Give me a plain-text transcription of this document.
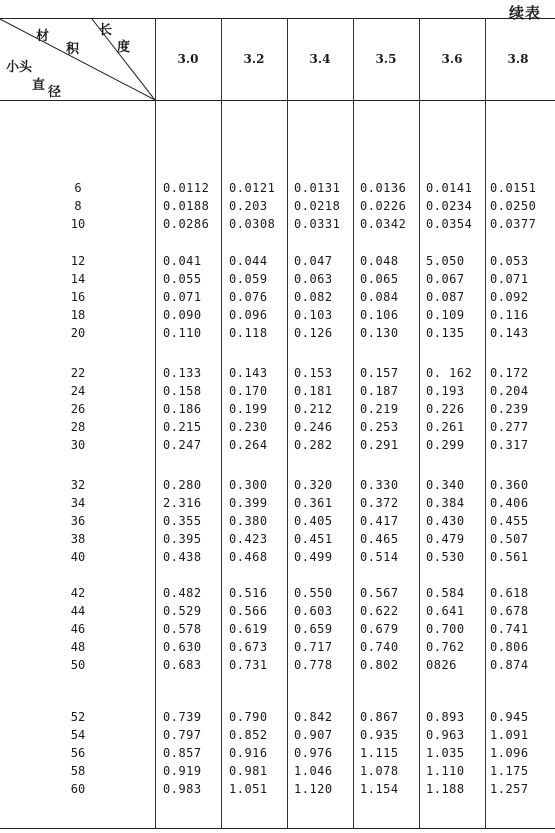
续表
长
度
材
积
小头
直 径
3.0	3.2	3.4	3.5	3.6	3.8
6	0.0112 0.0121 0.0131 0.0136 0.0141 0.0151
8	0.0188 0.203 0.0218 0.0226 0.0234 0.0250
10	0.0286 0.0308 0.0331 0.0342 0.0354 0.0377
12	0.041 0.044 0.047 0.048 5.050 0.053
14	0.055 0.059 0.063 0.065 0.067 0.071
16	0.071 0.076 0.082 0.084 0.087 0.092
18	0.090 0.096 0.103 0.106 0.109 0.116
20	0.110 0.118 0.126 0.130 0.135 0.143
22	0.133 0.143 0.153 0.157 0. 162 0.172
24	0.158 0.170 0.181 0.187 0.193 0.204
26	0.186 0.199 0.212 0.219 0.226 0.239
28	0.215 0.230 0.246 0.253 0.261 0.277
30	0.247 0.264 0.282 0.291 0.299 0.317
32	0.280 0.300 0.320 0.330 0.340 0.360
34	2.316 0.399 0.361 0.372 0.384 0.406
36	0.355 0.380 0.405 0.417 0.430 0.455
38	0.395 0.423 0.451 0.465 0.479 0.507
40	0.438 0.468 0.499 0.514 0.530 0.561
42	0.482 0.516 0.550 0.567 0.584 0.618
44	0.529 0.566 0.603 0.622 0.641 0.678
46	0.578 0.619 0.659 0.679 0.700 0.741
48	0.630 0.673 0.717 0.740 0.762 0.806
50	0.683 0.731 0.778 0.802 0826	0.874
52	0.739 0.790 0.842 0.867 0.893 0.945
54	0.797 0.852 0.907 0.935 0.963 1.091
56	0.857 0.916 0.976 1.115 1.035 1.096
58	0.919 0.981 1.046 1.078 1.110 1.175
60	0.983 1.051 1.120 1.154 1.188 1.257
